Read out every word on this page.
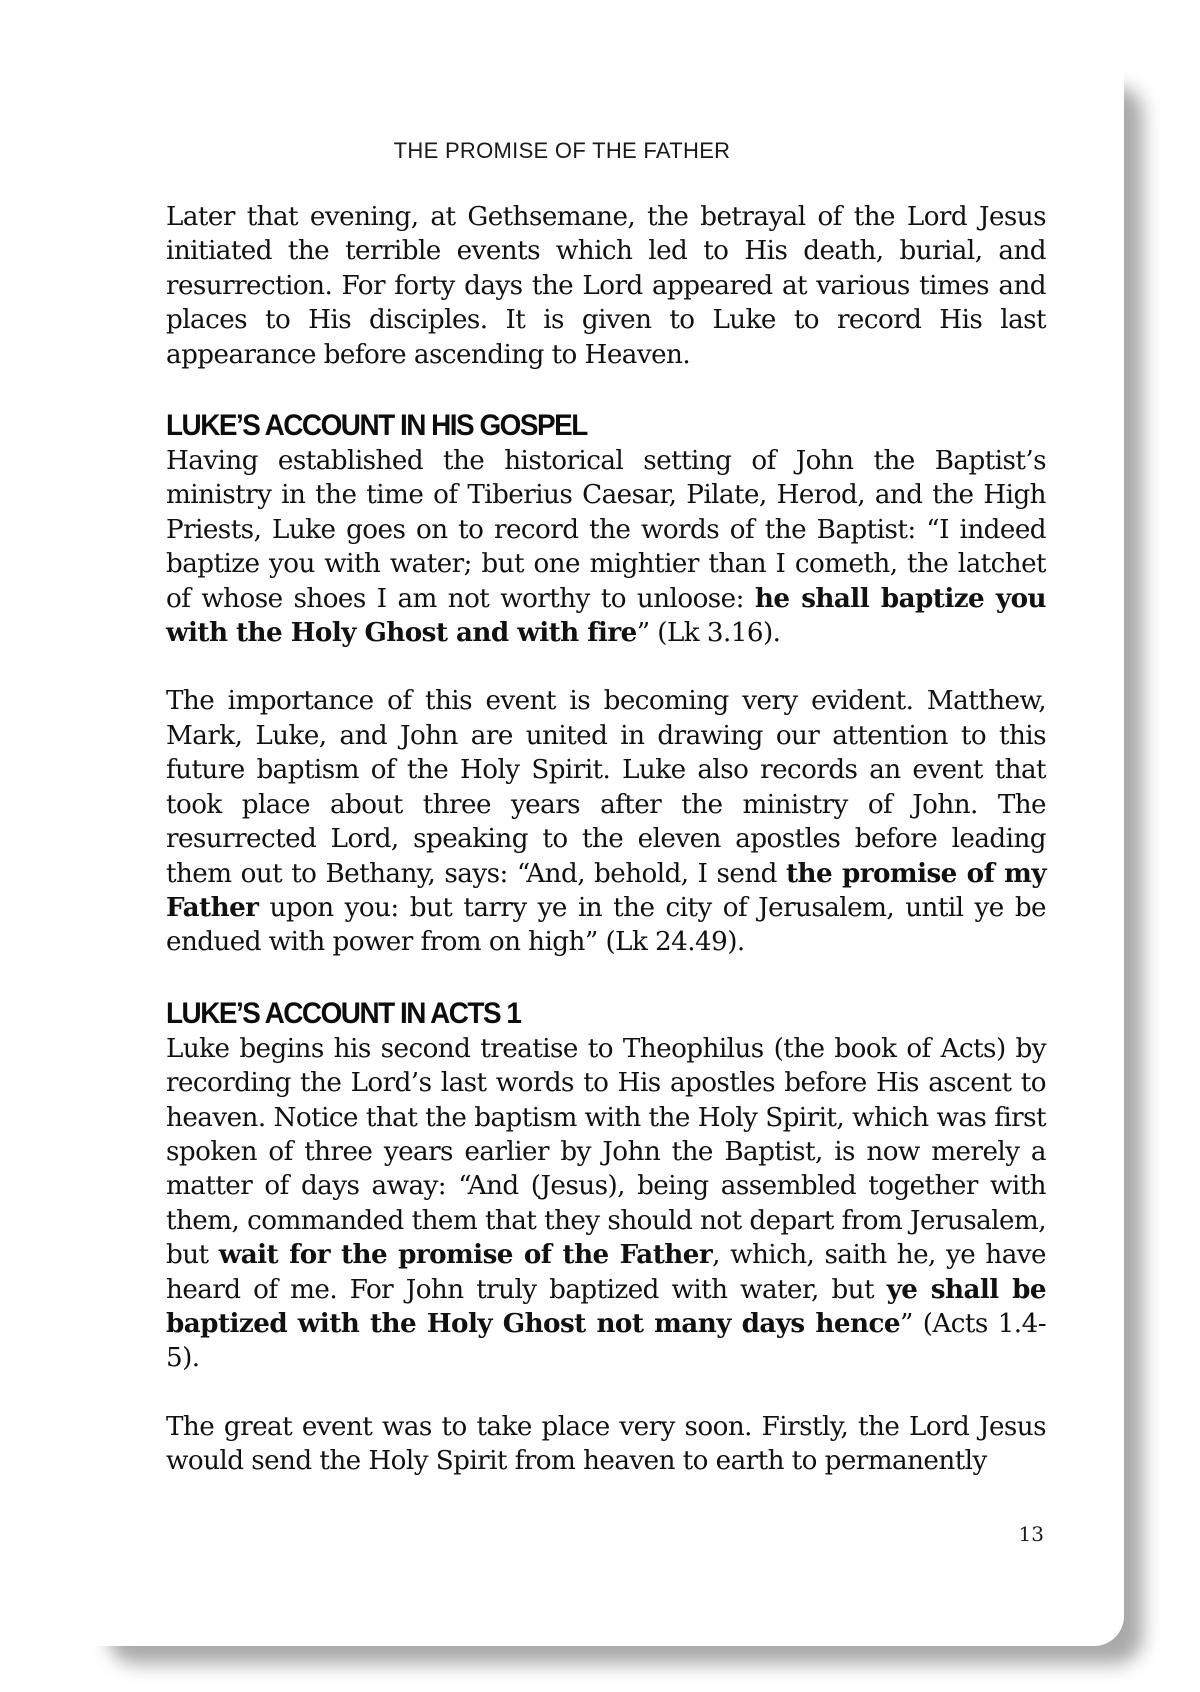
THE PROMISE OF THE FATHER

Later that evening, at Gethsemane, the betrayal of the Lord Jesus initiated the terrible events which led to His death, burial, and resurrection. For forty days the Lord appeared at various times and places to His disciples. It is given to Luke to record His last appearance before ascending to Heaven.

LUKE’S ACCOUNT IN HIS GOSPEL

Having established the historical setting of John the Baptist’s ministry in the time of Tiberius Caesar, Pilate, Herod, and the High Priests, Luke goes on to record the words of the Baptist: “I indeed baptize you with water; but one mightier than I cometh, the latchet of whose shoes I am not worthy to unloose: he shall baptize you with the Holy Ghost and with fire” (Lk 3.16).

The importance of this event is becoming very evident. Matthew, Mark, Luke, and John are united in drawing our attention to this future baptism of the Holy Spirit. Luke also records an event that took place about three years after the ministry of John. The resurrected Lord, speaking to the eleven apostles before leading them out to Bethany, says: “And, behold, I send the promise of my Father upon you: but tarry ye in the city of Jerusalem, until ye be endued with power from on high” (Lk 24.49).

LUKE’S ACCOUNT IN ACTS 1

Luke begins his second treatise to Theophilus (the book of Acts) by recording the Lord’s last words to His apostles before His ascent to heaven. Notice that the baptism with the Holy Spirit, which was first spoken of three years earlier by John the Baptist, is now merely a matter of days away: “And (Jesus), being assembled together with them, commanded them that they should not depart from Jerusalem, but wait for the promise of the Father, which, saith he, ye have heard of me. For John truly baptized with water, but ye shall be baptized with the Holy Ghost not many days hence” (Acts 1.4-5).

The great event was to take place very soon. Firstly, the Lord Jesus would send the Holy Spirit from heaven to earth to permanently

13
